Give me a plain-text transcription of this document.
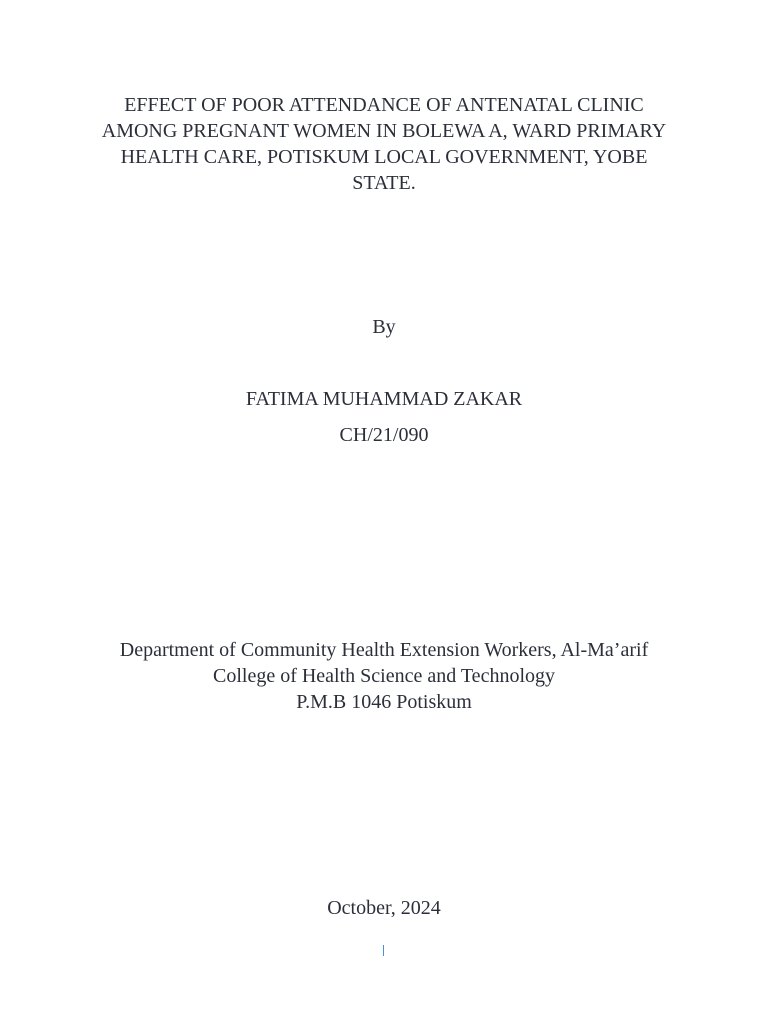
EFFECT OF POOR ATTENDANCE OF ANTENATAL CLINIC
AMONG PREGNANT WOMEN IN BOLEWA A, WARD PRIMARY
HEALTH CARE, POTISKUM LOCAL GOVERNMENT, YOBE
STATE.
By
FATIMA MUHAMMAD ZAKAR
CH/21/090
Department of Community Health Extension Workers, Al-Ma’arif
College of Health Science and Technology
P.M.B 1046 Potiskum
October, 2024
